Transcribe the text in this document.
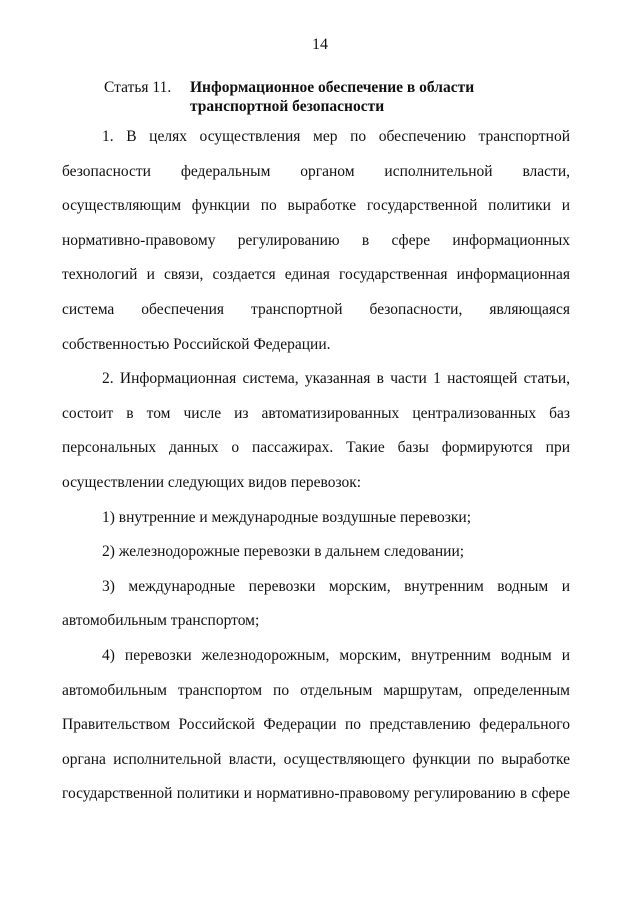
14
Статья 11.	Информационное обеспечение в области
транспортной безопасности
1. В целях осуществления мер по обеспечению транспортной
безопасности федеральным органом исполнительной власти,
осуществляющим функции по выработке государственной политики и
нормативно-правовому регулированию в сфере информационных
технологий и связи, создается единая государственная информационная
система обеспечения транспортной безопасности, являющаяся
собственностью Российской Федерации.
2. Информационная система, указанная в части 1 настоящей статьи,
состоит в том числе из автоматизированных централизованных баз
персональных данных о пассажирах. Такие базы формируются при
осуществлении следующих видов перевозок:
1) внутренние и международные воздушные перевозки;
2) железнодорожные перевозки в дальнем следовании;
3) международные перевозки морским, внутренним водным и
автомобильным транспортом;
4) перевозки железнодорожным, морским, внутренним водным и
автомобильным транспортом по отдельным маршрутам, определенным
Правительством Российской Федерации по представлению федерального
органа исполнительной власти, осуществляющего функции по выработке
государственной политики и нормативно-правовому регулированию в сфере
